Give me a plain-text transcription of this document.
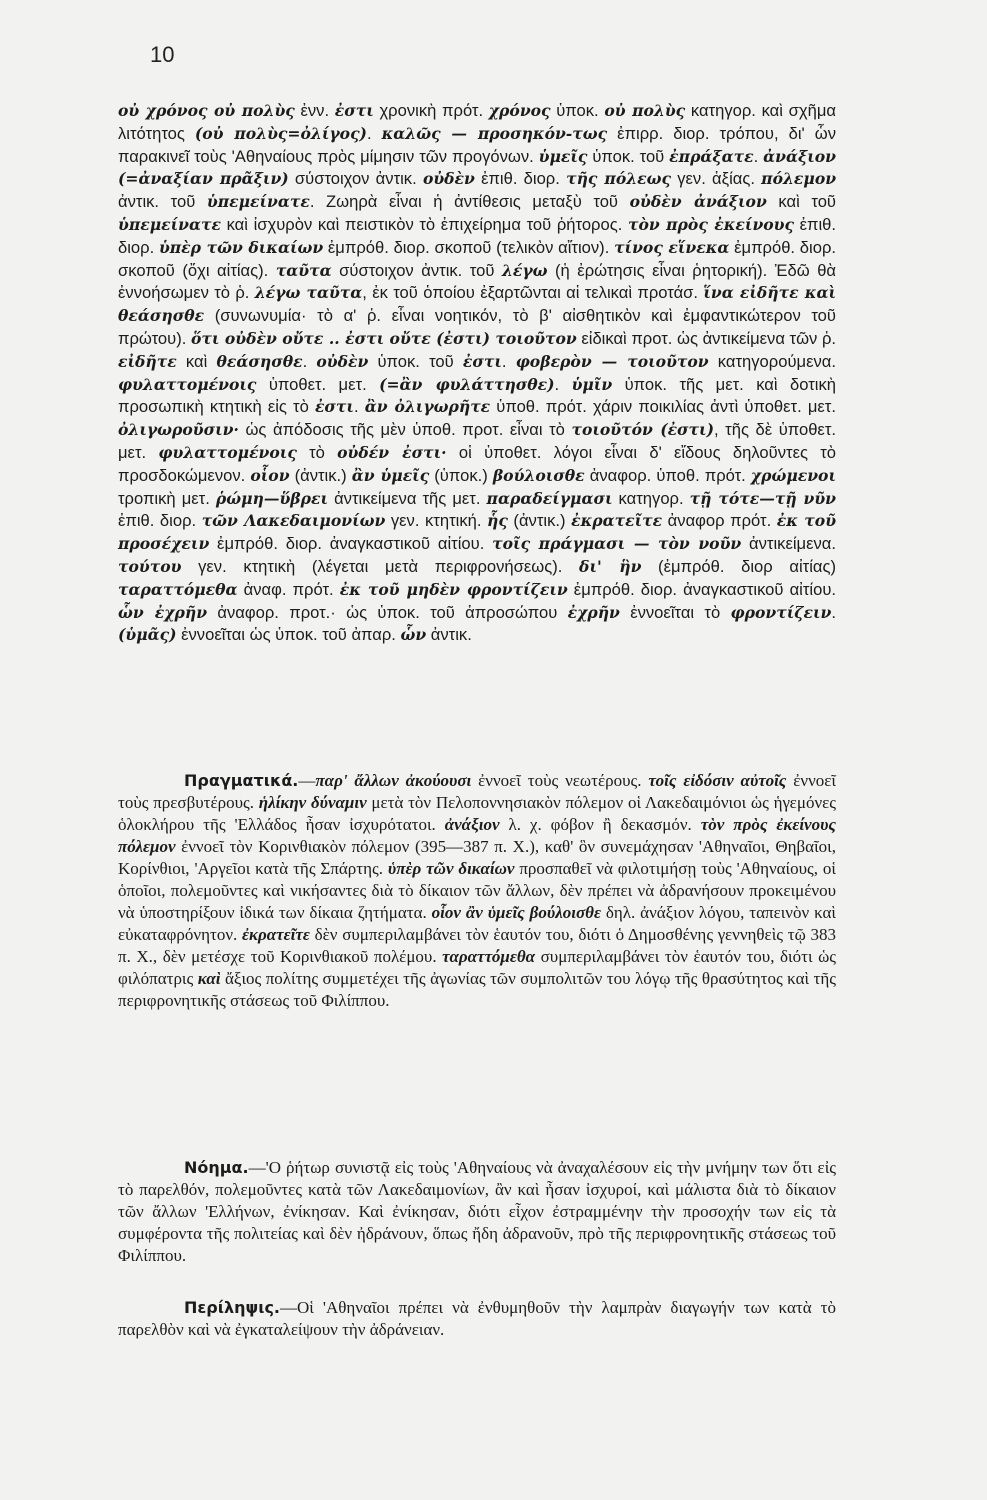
10

οὐ χρόνος οὐ πολὺς ἐνν. ἐστι χρονικὴ πρότ. χρόνος ὑποκ. οὐ πολὺς κατηγορ. καὶ σχῆμα λιτότητος (οὐ πολὺς=ὀλίγος). καλῶς — προσηκόν-τως ἐπιρρ. διορ. τρόπου, δι' ὧν παρακινεῖ τοὺς 'Αθηναίους πρὸς μίμησιν τῶν προγόνων. ὑμεῖς ὑποκ. τοῦ ἐπράξατε. ἀνάξιον (=ἀναξίαν πρᾶξιν) σύστοιχον ἀντικ. οὐδὲν ἐπιθ. διορ. τῆς πόλεως γεν. ἀξίας. πόλεμον ἀντικ. τοῦ ὑπεμείνατε. Ζωηρὰ εἶναι ἡ ἀντίθεσις μεταξὺ τοῦ οὐδὲν ἀνάξιον καὶ τοῦ ὑπεμείνατε καὶ ἰσχυρὸν καὶ πειστικὸν τὸ ἐπιχείρημα τοῦ ῥήτορος. τὸν πρὸς ἐκείνους ἐπιθ. διορ. ὑπὲρ τῶν δικαίων ἐμπρόθ. διορ. σκοποῦ (τελικὸν αἴτιον). τίνος εἵνεκα ἐμπρόθ. διορ. σκοποῦ (ὄχι αἰτίας). ταῦτα σύστοιχον ἀντικ. τοῦ λέγω (ἡ ἐρώτησις εἶναι ῥητορική). Ἐδῶ θὰ ἐννοήσωμεν τὸ ῥ. λέγω ταῦτα, ἐκ τοῦ ὁποίου ἐξαρτῶνται αἱ τελικαὶ προτάσ. ἵνα εἰδῆτε καὶ θεάσησθε (συνωνυμία· τὸ α' ῥ. εἶναι νοητικόν, τὸ β' αἰσθητικὸν καὶ ἐμφαντικώτερον τοῦ πρώτου). ὅτι οὐδὲν οὔτε .. ἐστι οὔτε (ἐστι) τοιοῦτον εἰδικαὶ προτ. ὡς ἀντικείμενα τῶν ῥ. εἰδῆτε καὶ θεάσησθε. οὐδὲν ὑποκ. τοῦ ἐστι. φοβερὸν — τοιοῦτον κατηγορούμενα. φυλαττομένοις ὑποθετ. μετ. (=ἂν φυλάττησθε). ὑμῖν ὑποκ. τῆς μετ. καὶ δοτικὴ προσωπικὴ κτητικὴ εἰς τὸ ἐστι. ἂν ὀλιγωρῆτε ὑποθ. πρότ. χάριν ποικιλίας ἀντὶ ὑποθετ. μετ. ὀλιγωροῦσιν· ὡς ἀπόδοσις τῆς μὲν ὑποθ. προτ. εἶναι τὸ τοιοῦτόν (ἐστι), τῆς δὲ ὑποθετ. μετ. φυλαττομένοις τὸ οὐδέν ἐστι· οἱ ὑποθετ. λόγοι εἶναι δ' εἴδους δηλοῦντες τὸ προσδοκώμενον. οἷον (ἀντικ.) ἂν ὑμεῖς (ὑποκ.) βούλοισθε ἀναφορ. ὑποθ. πρότ. χρώμενοι τροπικὴ μετ. ῥώμη—ὕβρει ἀντικείμενα τῆς μετ. παραδείγμασι κατηγορ. τῇ τότε—τῇ νῦν ἐπιθ. διορ. τῶν Λακεδαιμονίων γεν. κτητική. ἧς (ἀντικ.) ἐκρατεῖτε ἀναφορ πρότ. ἐκ τοῦ προσέχειν ἐμπρόθ. διορ. ἀναγκαστικοῦ αἰτίου. τοῖς πράγμασι — τὸν νοῦν ἀντικείμενα. τούτου γεν. κτητικὴ (λέγεται μετὰ περιφρονήσεως). δι' ἣν (ἐμπρόθ. διορ αἰτίας) ταραττόμεθα ἀναφ. πρότ. ἐκ τοῦ μηδὲν φροντίζειν ἐμπρόθ. διορ. ἀναγκαστικοῦ αἰτίου. ὧν ἐχρῆν ἀναφορ. προτ.· ὡς ὑποκ. τοῦ ἀπροσώπου ἐχρῆν ἐννοεῖται τὸ φροντίζειν. (ὑμᾶς) ἐννοεῖται ὡς ὑποκ. τοῦ ἀπαρ. ὧν ἀντικ.

Πραγματικά.—παρ' ἄλλων ἀκούουσι ἐννοεῖ τοὺς νεωτέρους. τοῖς εἰδόσιν αὐτοῖς ἐννοεῖ τοὺς πρεσβυτέρους. ἡλίκην δύναμιν μετὰ τὸν Πελοποννησιακὸν πόλεμον οἱ Λακεδαιμόνιοι ὡς ἡγεμόνες ὁλοκλήρου τῆς 'Ελλάδος ἦσαν ἰσχυρότατοι. ἀνάξιον λ. χ. φόβον ἢ δεκασμόν. τὸν πρὸς ἐκείνους πόλεμον ἐννοεῖ τὸν Κορινθιακὸν πόλεμον (395—387 π. Χ.), καθ' ὃν συνεμάχησαν 'Αθηναῖοι, Θηβαῖοι, Κορίνθιοι, 'Αργεῖοι κατὰ τῆς Σπάρτης. ὑπὲρ τῶν δικαίων προσπαθεῖ νὰ φιλοτιμήσῃ τοὺς 'Αθηναίους, οἱ ὁποῖοι, πολεμοῦντες καὶ νικήσαντες διὰ τὸ δίκαιον τῶν ἄλλων, δὲν πρέπει νὰ ἀδρανήσουν προκειμένου νὰ ὑποστηρίξουν ἰδικά των δίκαια ζητήματα. οἷον ἂν ὑμεῖς βούλοισθε δηλ. ἀνάξιον λόγου, ταπεινὸν καὶ εὐκαταφρόνητον. ἐκρατεῖτε δὲν συμπεριλαμβάνει τὸν ἑαυτόν του, διότι ὁ Δημοσθένης γεννηθεὶς τῷ 383 π. Χ., δὲν μετέσχε τοῦ Κορινθιακοῦ πολέμου. ταραττόμεθα συμπεριλαμβάνει τὸν ἑαυτόν του, διότι ὡς φιλόπατρις καὶ ἄξιος πολίτης συμμετέχει τῆς ἀγωνίας τῶν συμπολιτῶν του λόγῳ τῆς θρασύτητος καὶ τῆς περιφρονητικῆς στάσεως τοῦ Φιλίππου.

Νόημα.—'Ο ῥήτωρ συνιστᾷ εἰς τοὺς 'Αθηναίους νὰ ἀναχαλέσουν εἰς τὴν μνήμην των ὅτι εἰς τὸ παρελθόν, πολεμοῦντες κατὰ τῶν Λακεδαιμονίων, ἂν καὶ ἦσαν ἰσχυροί, καὶ μάλιστα διὰ τὸ δίκαιον τῶν ἄλλων 'Ελλήνων, ἐνίκησαν. Καὶ ἐνίκησαν, διότι εἶχον ἐστραμμένην τὴν προσοχήν των εἰς τὰ συμφέροντα τῆς πολιτείας καὶ δὲν ἠδράνουν, ὅπως ἤδη ἀδρανοῦν, πρὸ τῆς περιφρονητικῆς στάσεως τοῦ Φιλίππου.

Περίληψις.—Οἱ 'Αθηναῖοι πρέπει νὰ ἐνθυμηθοῦν τὴν λαμπρὰν διαγωγήν των κατὰ τὸ παρελθὸν καὶ νὰ ἐγκαταλείψουν τὴν ἀδράνειαν.
